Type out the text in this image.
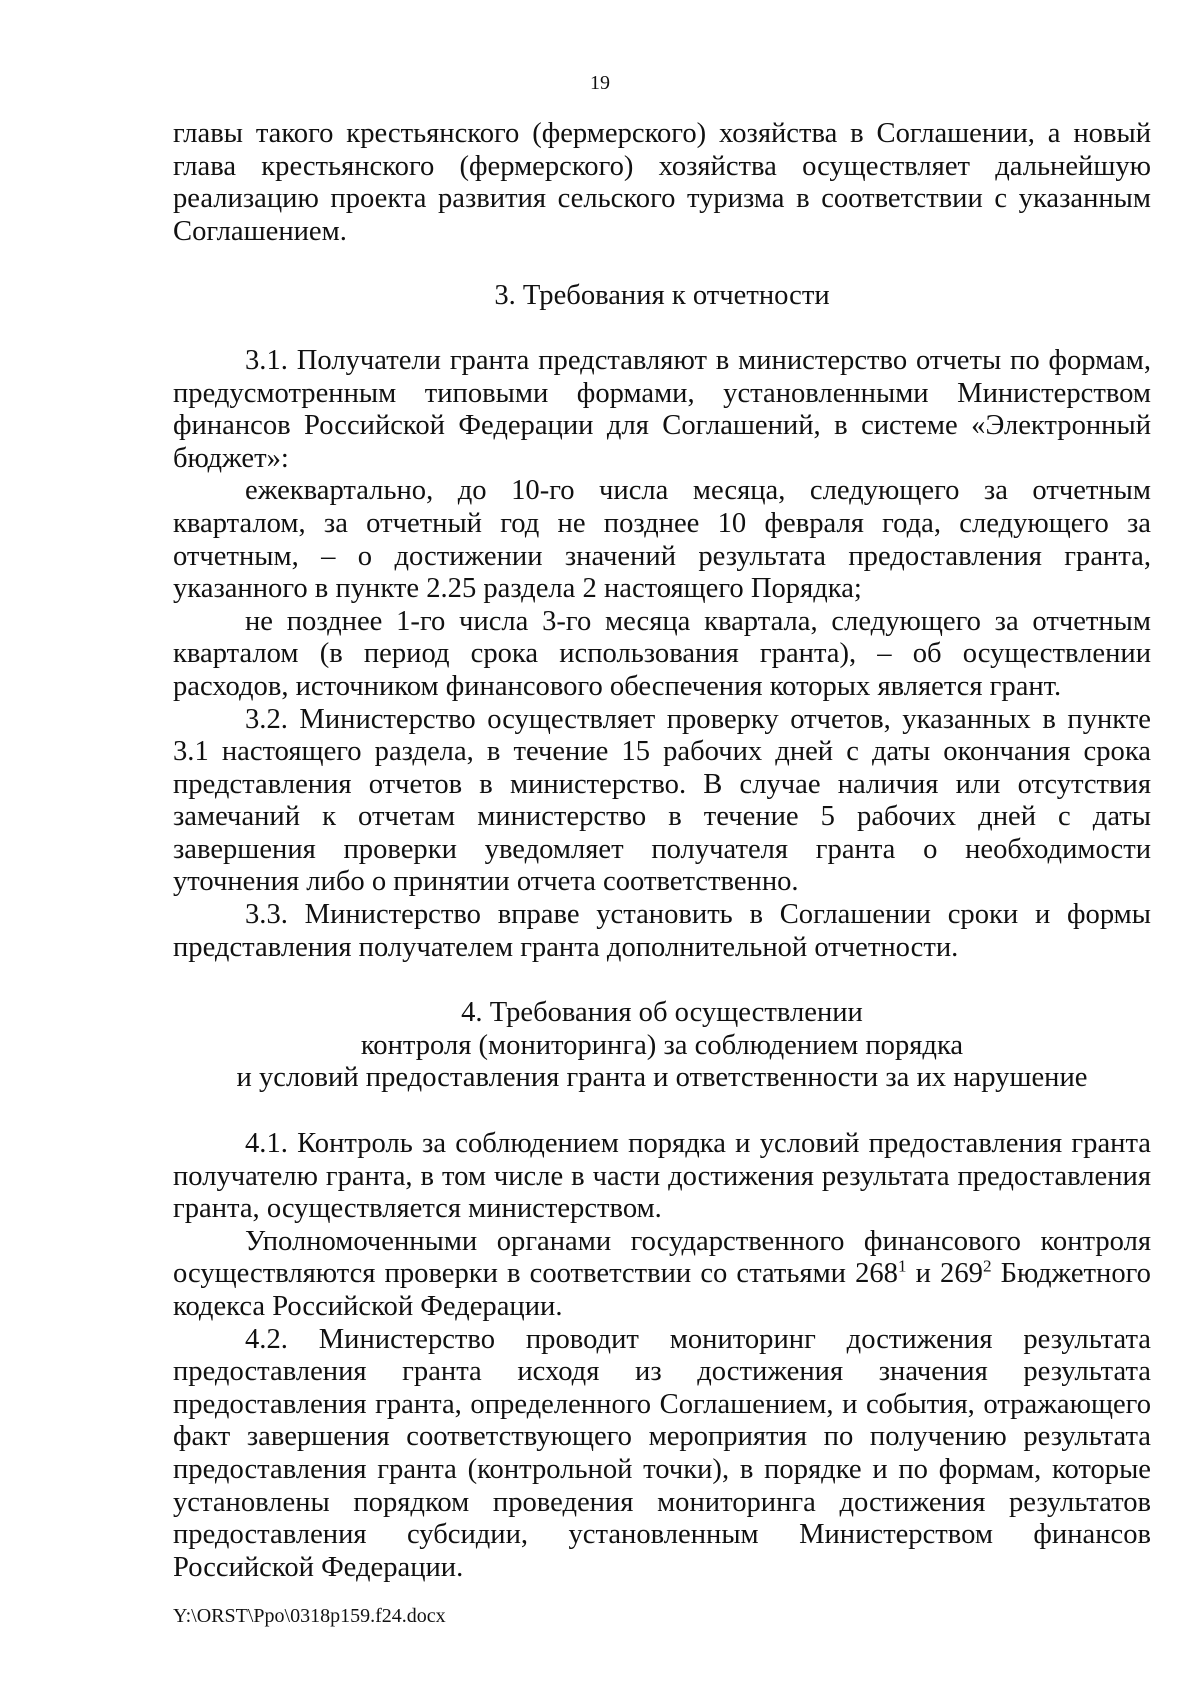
19

главы такого крестьянского (фермерского) хозяйства в Соглашении, а новый глава крестьянского (фермерского) хозяйства осуществляет дальнейшую реализацию проекта развития сельского туризма в соответствии с указанным Соглашением.

3. Требования к отчетности

3.1. Получатели гранта представляют в министерство отчеты по формам, предусмотренным типовыми формами, установленными Министерством финансов Российской Федерации для Соглашений, в системе «Электронный бюджет»:

ежеквартально, до 10-го числа месяца, следующего за отчетным кварталом, за отчетный год не позднее 10 февраля года, следующего за отчетным, – о достижении значений результата предоставления гранта, указанного в пункте 2.25 раздела 2 настоящего Порядка;

не позднее 1-го числа 3-го месяца квартала, следующего за отчетным кварталом (в период срока использования гранта), – об осуществлении расходов, источником финансового обеспечения которых является грант.

3.2. Министерство осуществляет проверку отчетов, указанных в пункте 3.1 настоящего раздела, в течение 15 рабочих дней с даты окончания срока представления отчетов в министерство. В случае наличия или отсутствия замечаний к отчетам министерство в течение 5 рабочих дней с даты завершения проверки уведомляет получателя гранта о необходимости уточнения либо о принятии отчета соответственно.

3.3. Министерство вправе установить в Соглашении сроки и формы представления получателем гранта дополнительной отчетности.

4. Требования об осуществлении

контроля (мониторинга) за соблюдением порядка

и условий предоставления гранта и ответственности за их нарушение

4.1. Контроль за соблюдением порядка и условий предоставления гранта получателю гранта, в том числе в части достижения результата предоставления гранта, осуществляется министерством.

Уполномоченными органами государственного финансового контроля осуществляются проверки в соответствии со статьями $268^1$ и $269^2$ Бюджетного кодекса Российской Федерации.

4.2. Министерство проводит мониторинг достижения результата предоставления гранта исходя из достижения значения результата предоставления гранта, определенного Соглашением, и события, отражающего факт завершения соответствующего мероприятия по получению результата предоставления гранта (контрольной точки), в порядке и по формам, которые установлены порядком проведения мониторинга достижения результатов предоставления субсидии, установленным Министерством финансов Российской Федерации.

Y:\ORST\Ppo\0318p159.f24.docx
